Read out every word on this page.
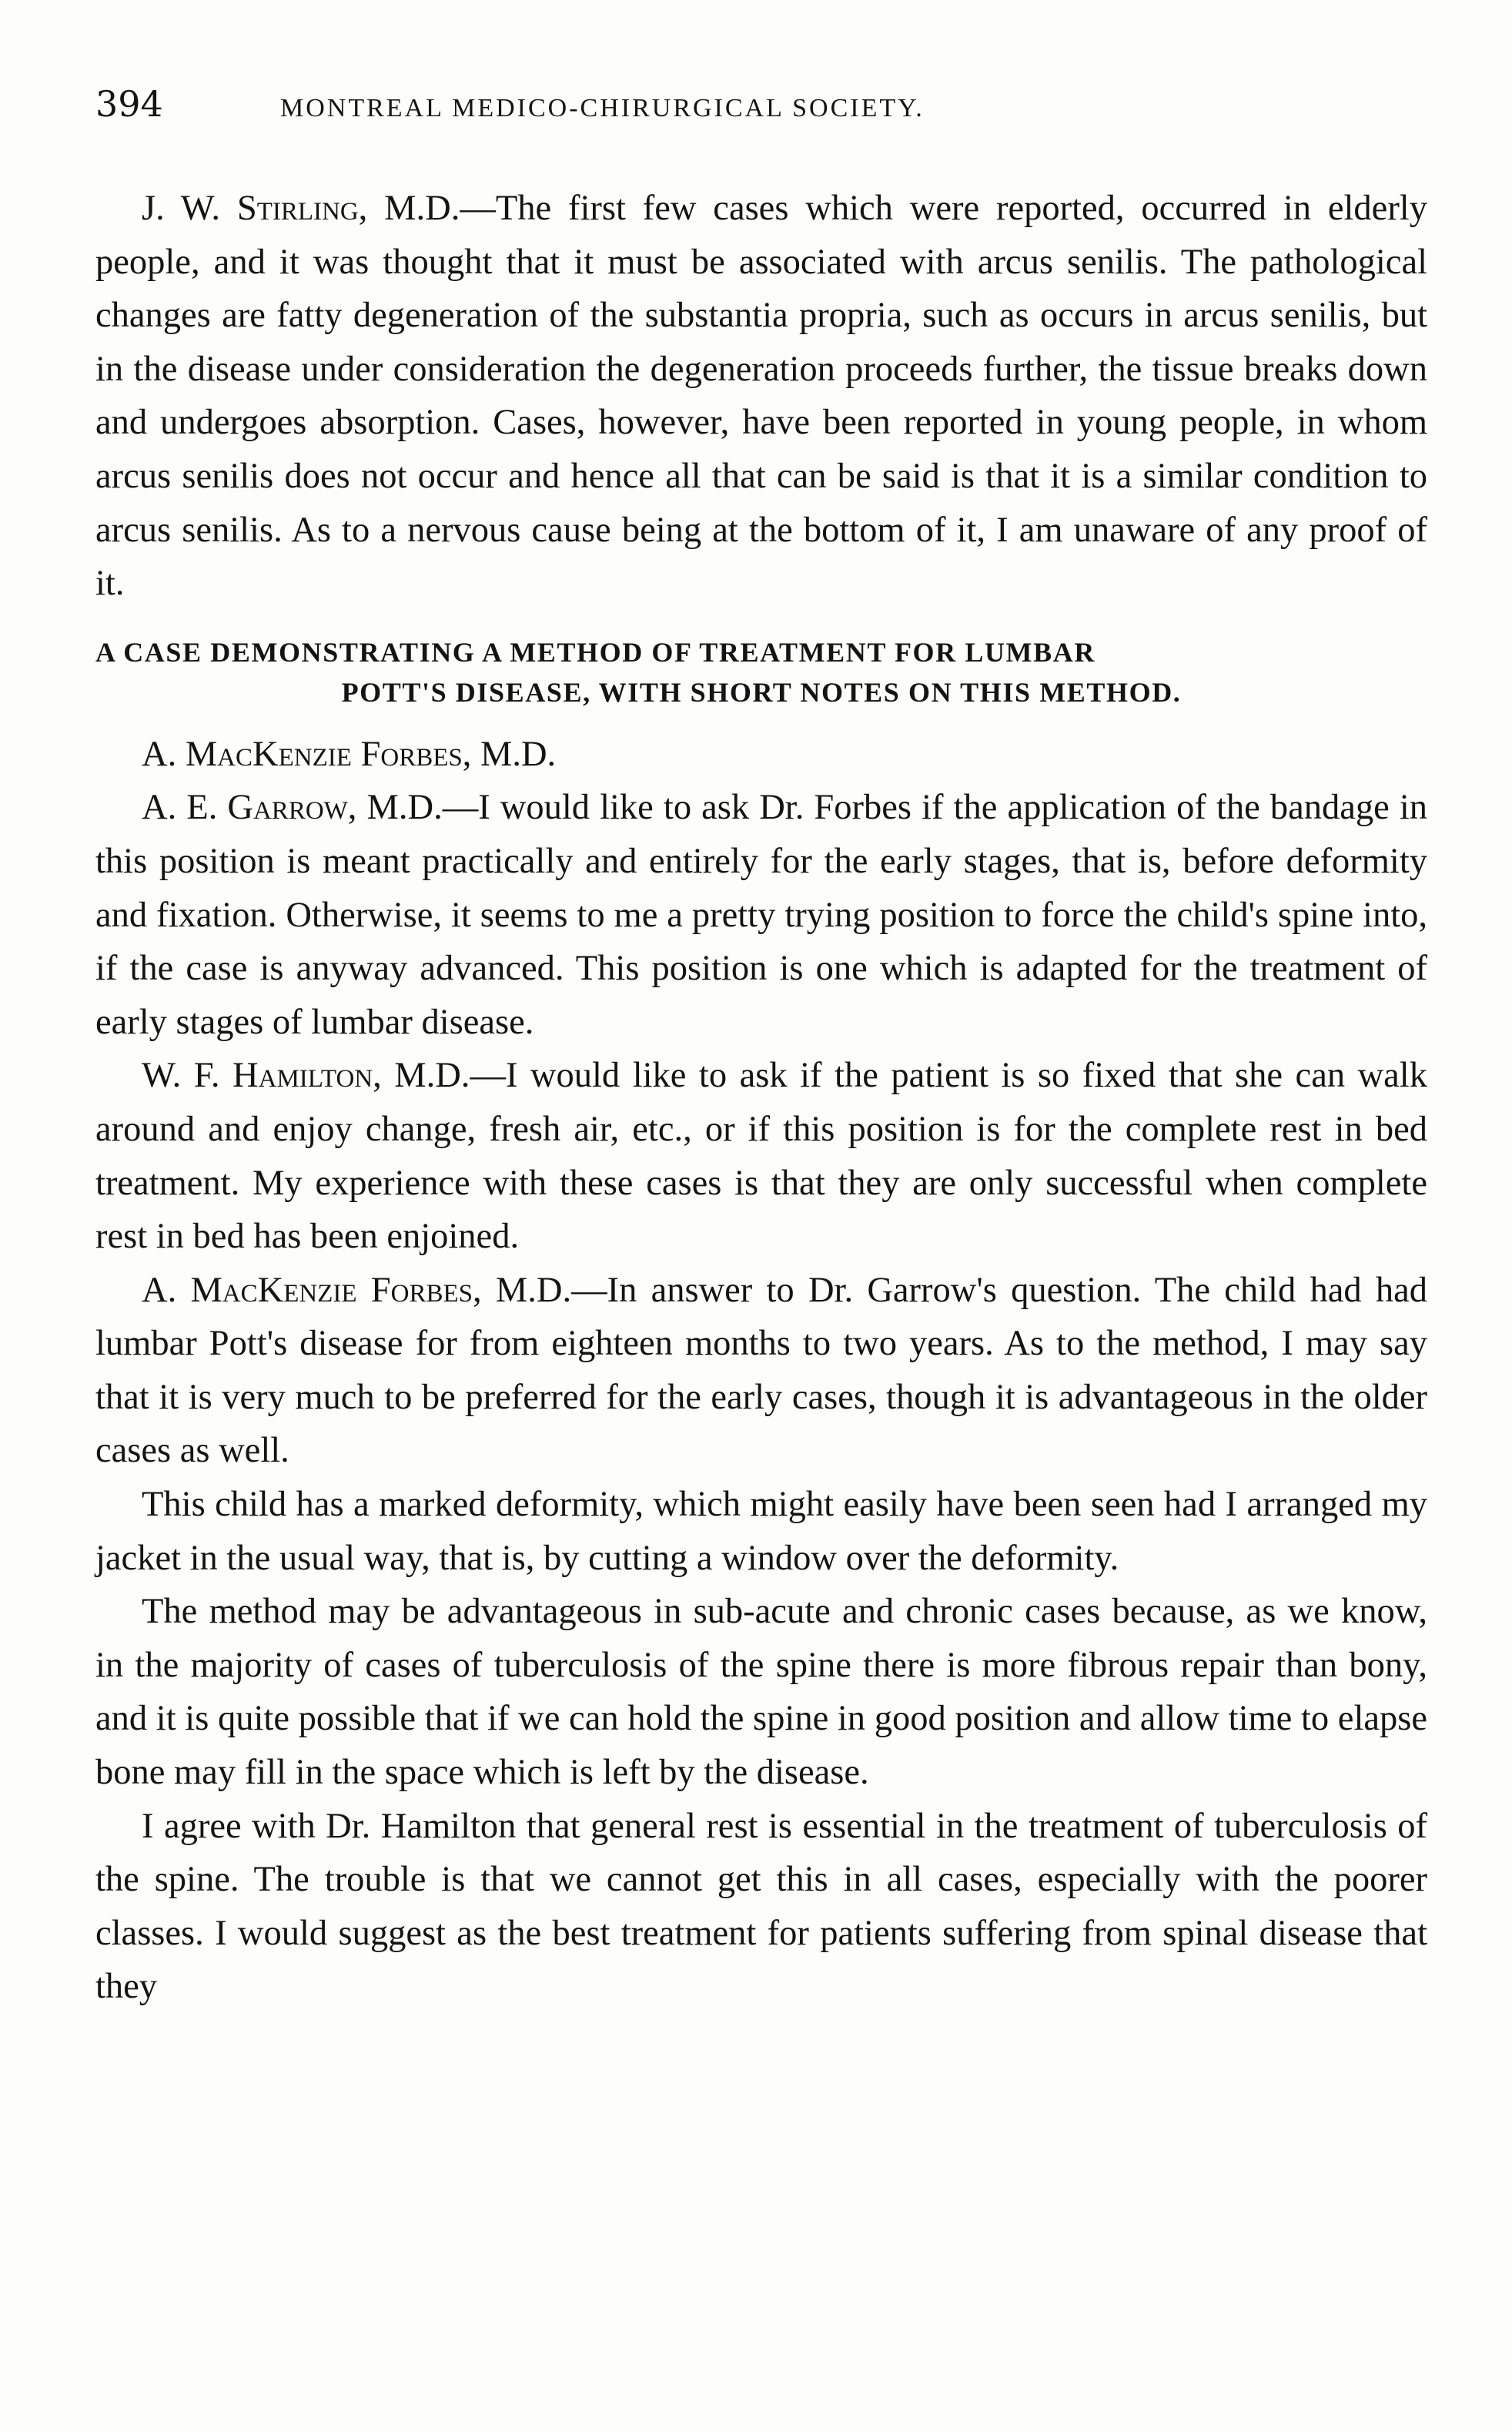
394	MONTREAL MEDICO-CHIRURGICAL SOCIETY.

J. W. Stirling, M.D.—The first few cases which were reported, occurred in elderly people, and it was thought that it must be associated with arcus senilis. The pathological changes are fatty degeneration of the substantia propria, such as occurs in arcus senilis, but in the disease under consideration the degeneration proceeds further, the tissue breaks down and undergoes absorption. Cases, however, have been reported in young people, in whom arcus senilis does not occur and hence all that can be said is that it is a similar condition to arcus senilis. As to a nervous cause being at the bottom of it, I am unaware of any proof of it.

A CASE DEMONSTRATING A METHOD OF TREATMENT FOR LUMBAR
POTT'S DISEASE, WITH SHORT NOTES ON THIS METHOD.

A. MacKenzie Forbes, M.D.

A. E. Garrow, M.D.—I would like to ask Dr. Forbes if the application of the bandage in this position is meant practically and entirely for the early stages, that is, before deformity and fixation. Otherwise, it seems to me a pretty trying position to force the child's spine into, if the case is anyway advanced. This position is one which is adapted for the treatment of early stages of lumbar disease.

W. F. Hamilton, M.D.—I would like to ask if the patient is so fixed that she can walk around and enjoy change, fresh air, etc., or if this position is for the complete rest in bed treatment. My experience with these cases is that they are only successful when complete rest in bed has been enjoined.

A. MacKenzie Forbes, M.D.—In answer to Dr. Garrow's question. The child had had lumbar Pott's disease for from eighteen months to two years. As to the method, I may say that it is very much to be preferred for the early cases, though it is advantageous in the older cases as well.

This child has a marked deformity, which might easily have been seen had I arranged my jacket in the usual way, that is, by cutting a window over the deformity.

The method may be advantageous in sub-acute and chronic cases because, as we know, in the majority of cases of tuberculosis of the spine there is more fibrous repair than bony, and it is quite possible that if we can hold the spine in good position and allow time to elapse bone may fill in the space which is left by the disease.

I agree with Dr. Hamilton that general rest is essential in the treatment of tuberculosis of the spine. The trouble is that we cannot get this in all cases, especially with the poorer classes. I would suggest as the best treatment for patients suffering from spinal disease that they
